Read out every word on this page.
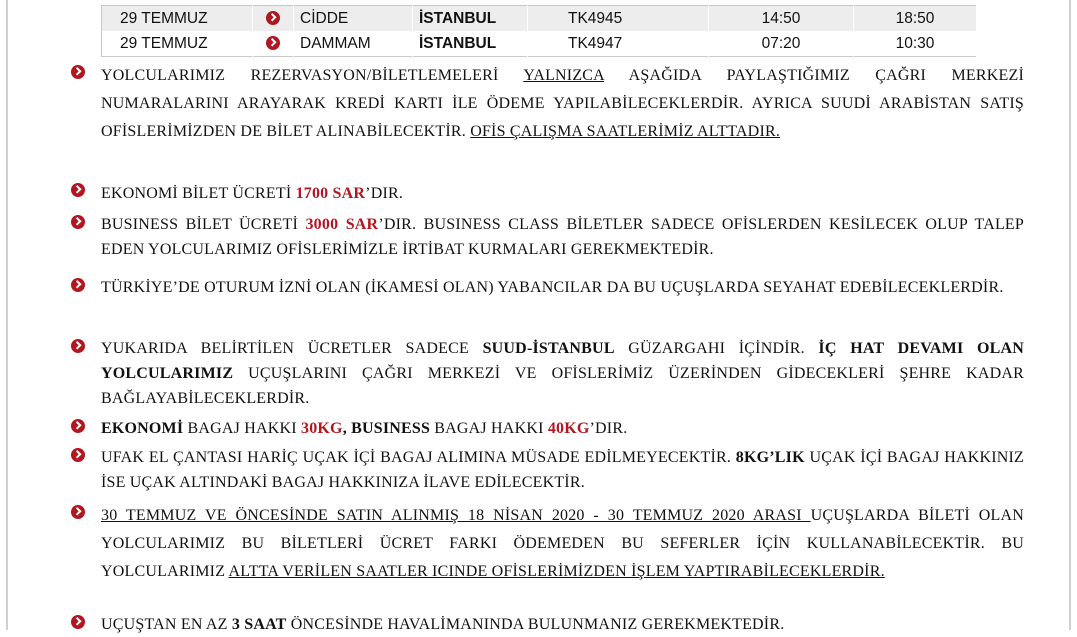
29 TEMMUZ		CİDDE	İSTANBUL	TK4945	14:50	18:50
29 TEMMUZ		DAMMAM	İSTANBUL	TK4947	07:20	10:30
YOLCULARIMIZ REZERVASYON/BİLETLEMELERİ YALNIZCA AŞAĞIDA PAYLAŞTIĞIMIZ ÇAĞRI MERKEZİ NUMARALARINI ARAYARAK KREDİ KARTI İLE ÖDEME YAPILABİLECEKLERDİR. AYRICA SUUDİ ARABİSTAN SATIŞ OFİSLERİMİZDEN DE BİLET ALINABİLECEKTİR. OFİS ÇALIŞMA SAATLERİMİZ ALTTADIR.
EKONOMİ BİLET ÜCRETİ 1700 SAR’DIR.
BUSINESS BİLET ÜCRETİ 3000 SAR’DIR. BUSINESS CLASS BİLETLER SADECE OFİSLERDEN KESİLECEK OLUP TALEP EDEN YOLCULARIMIZ OFİSLERİMİZLE İRTİBAT KURMALARI GEREKMEKTEDİR.
TÜRKİYE’DE OTURUM İZNİ OLAN (İKAMESİ OLAN) YABANCILAR DA BU UÇUŞLARDA SEYAHAT EDEBİLECEKLERDİR.
YUKARIDA BELİRTİLEN ÜCRETLER SADECE SUUD-İSTANBUL GÜZARGAHI İÇİNDİR. İÇ HAT DEVAMI OLAN YOLCULARIMIZ UÇUŞLARINI ÇAĞRI MERKEZİ VE OFİSLERİMİZ ÜZERİNDEN GİDECEKLERİ ŞEHRE KADAR BAĞLAYABİLECEKLERDİR.
EKONOMİ BAGAJ HAKKI 30KG, BUSINESS BAGAJ HAKKI 40KG’DIR.
UFAK EL ÇANTASI HARİÇ UÇAK İÇİ BAGAJ ALIMINA MÜSADE EDİLMEYECEKTİR. 8KG’LIK UÇAK İÇİ BAGAJ HAKKINIZ İSE UÇAK ALTINDAKİ BAGAJ HAKKINIZA İLAVE EDİLECEKTİR.
30 TEMMUZ VE ÖNCESİNDE SATIN ALINMIŞ 18 NİSAN 2020 - 30 TEMMUZ 2020 ARASI UÇUŞLARDA BİLETİ OLAN YOLCULARIMIZ BU BİLETLERİ ÜCRET FARKI ÖDEMEDEN BU SEFERLER İÇİN KULLANABİLECEKTİR. BU YOLCULARIMIZ ALTTA VERİLEN SAATLER ICINDE OFİSLERİMİZDEN İŞLEM YAPTIRABİLECEKLERDİR.
UÇUŞTAN EN AZ 3 SAAT ÖNCESİNDE HAVALİMANINDA BULUNMANIZ GEREKMEKTEDİR.
